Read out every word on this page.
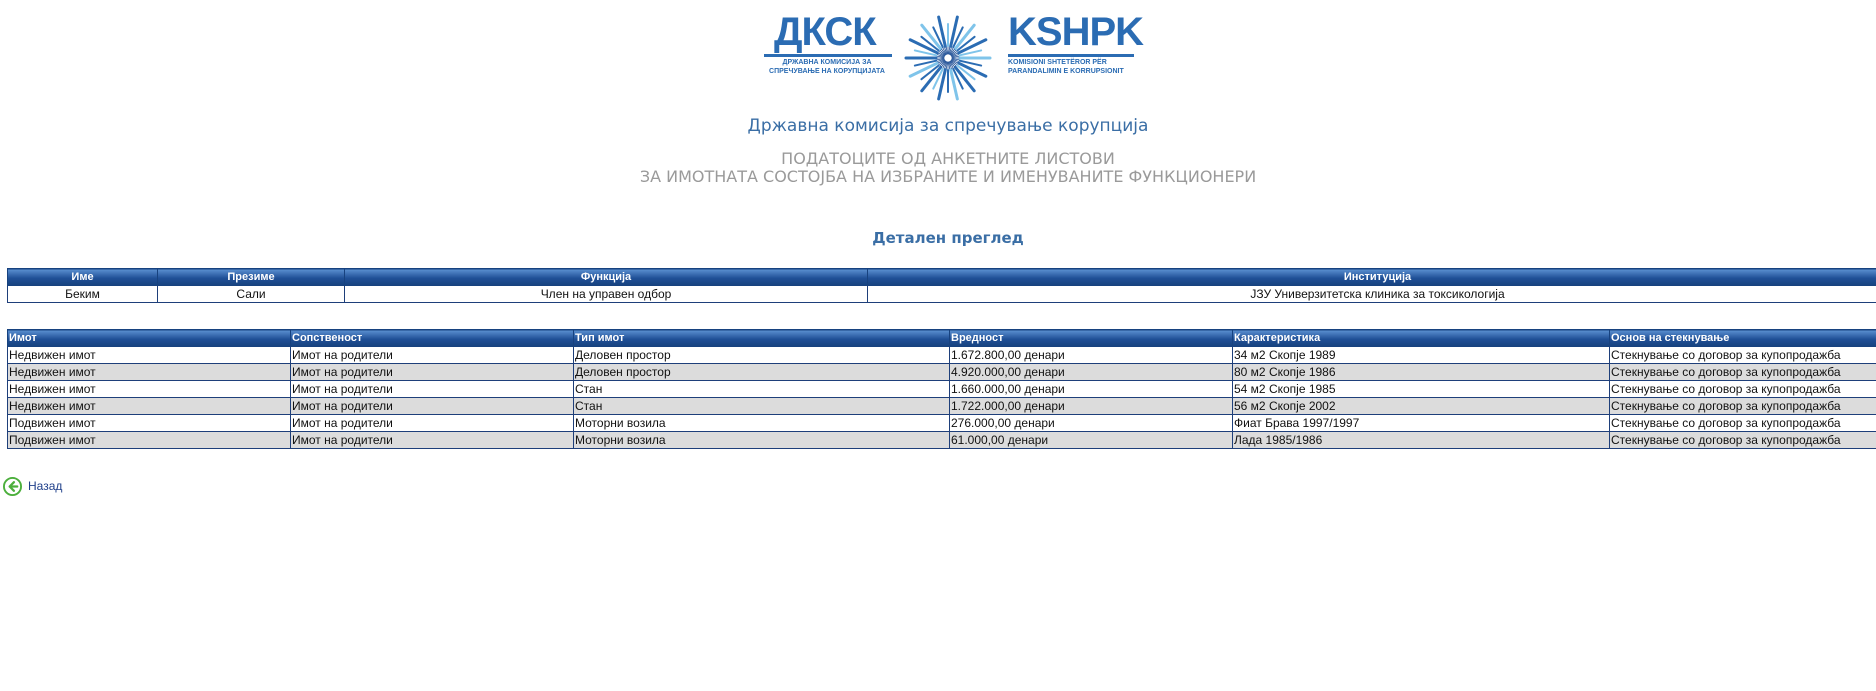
ДКСК
ДРЖАВНА КОМИСИЈА ЗА
СПРЕЧУВАЊЕ НА КОРУПЦИЈАТА
KSHPK
KOMISIONI SHTETËROR PËR
PARANDALIMIN E KORRUPSIONIT
Државна комисија за спречување корупција
ПОДАТОЦИТЕ ОД АНКЕТНИТЕ ЛИСТОВИ
ЗА ИМОТНАТА СОСТОЈБА НА ИЗБРАНИТЕ И ИМЕНУВАНИТЕ ФУНКЦИОНЕРИ
Детален преглед
Име	Презиме	Функција	Институција
Беким	Сали	Член на управен одбор	ЈЗУ Универзитетска клиника за токсикологија
Имот	Сопственост	Тип имот	Вредност	Карактеристика	Основ на стекнување
Недвижен имот	Имот на родители	Деловен простор	1.672.800,00 денари	34 м2 Скопје 1989	Стекнување со договор за купопродажба
Недвижен имот	Имот на родители	Деловен простор	4.920.000,00 денари	80 м2 Скопје 1986	Стекнување со договор за купопродажба
Недвижен имот	Имот на родители	Стан	1.660.000,00 денари	54 м2 Скопје 1985	Стекнување со договор за купопродажба
Недвижен имот	Имот на родители	Стан	1.722.000,00 денари	56 м2 Скопје 2002	Стекнување со договор за купопродажба
Подвижен имот	Имот на родители	Моторни возила	276.000,00 денари	Фиат Брава 1997/1997	Стекнување со договор за купопродажба
Подвижен имот	Имот на родители	Моторни возила	61.000,00 денари	Лада 1985/1986	Стекнување со договор за купопродажба
Назад
